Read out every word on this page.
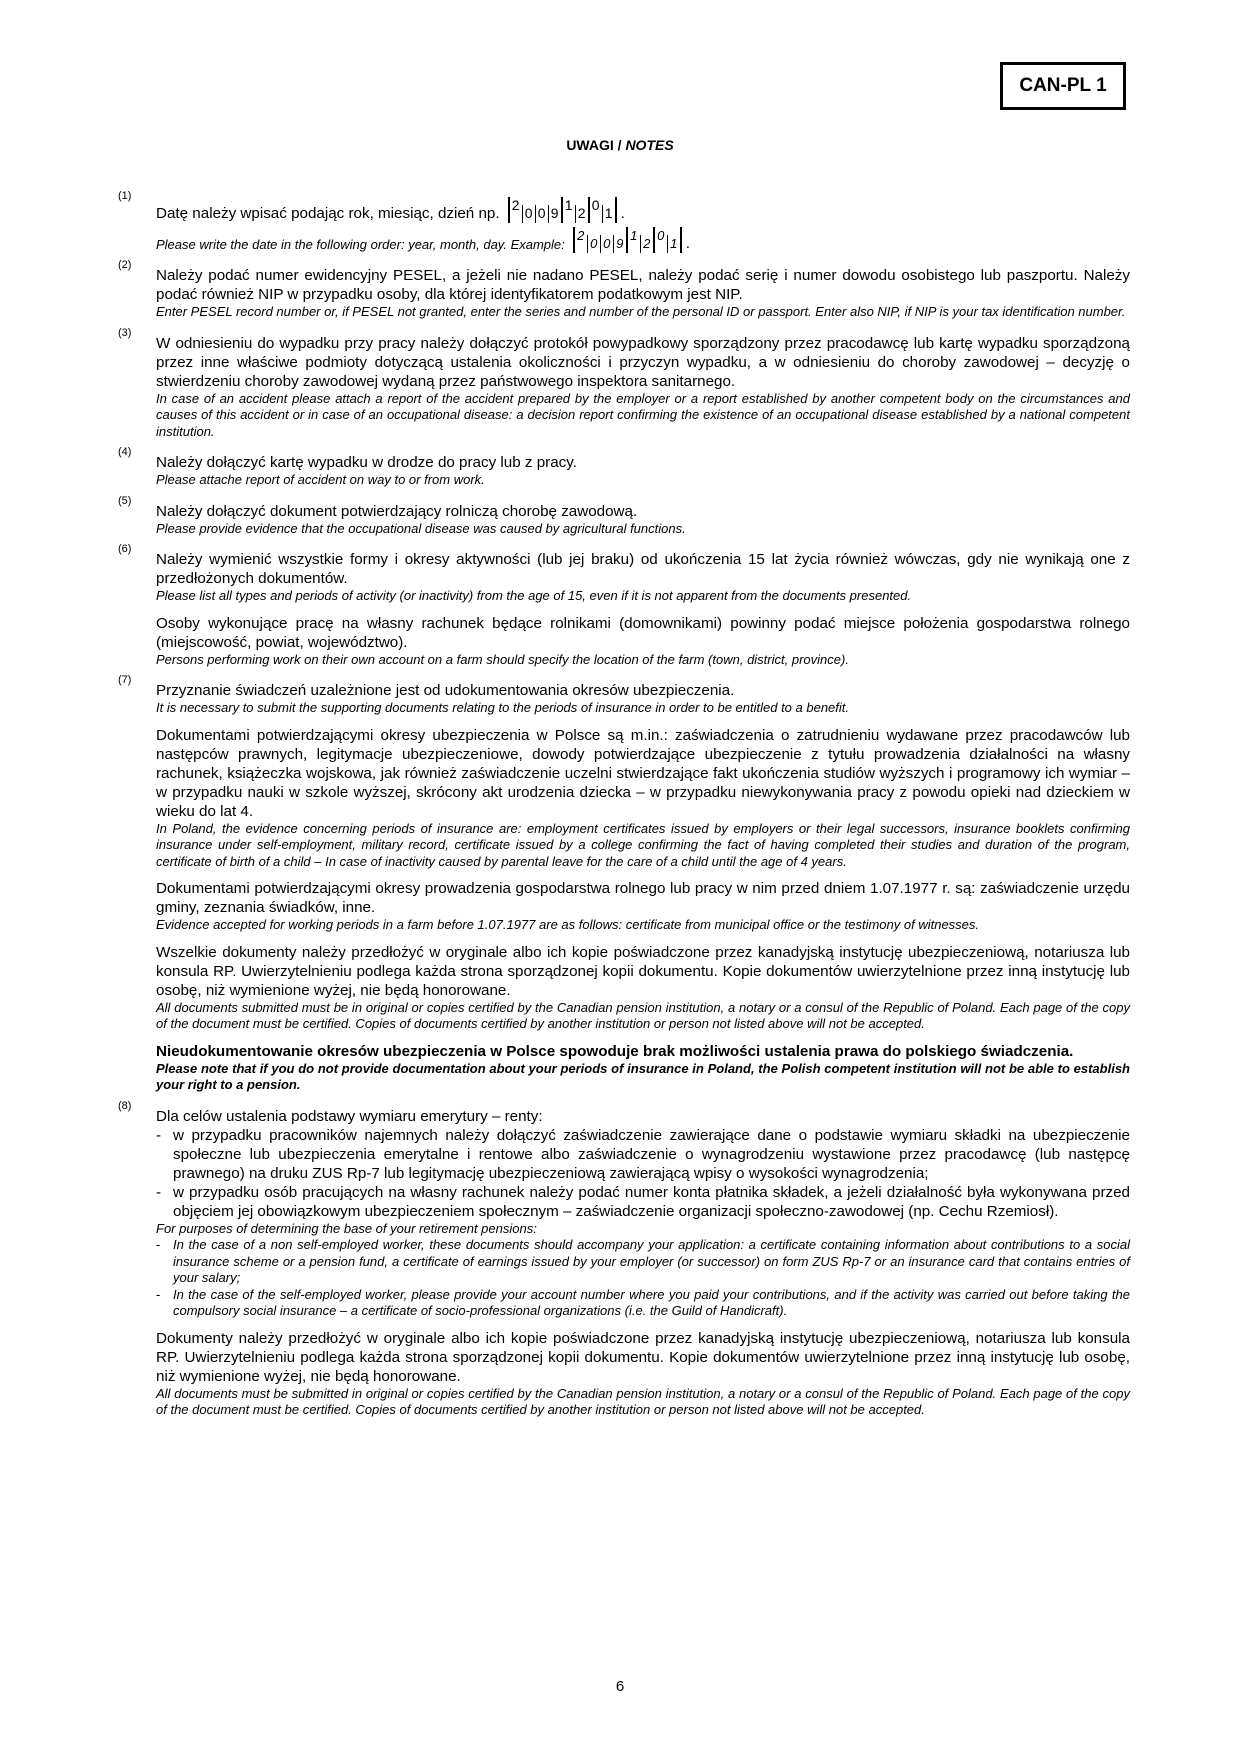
CAN-PL 1
UWAGI / NOTES
(1)
Datę należy wpisać podając rok, miesiąc, dzień np. 2 0 0 9 1 2 0 1 .
Please write the date in the following order: year, month, day. Example:
2
0 0 9
1
2
0
1 .
(2)

Należy podać numer ewidencyjny PESEL, a jeżeli nie nadano PESEL, należy podać serię i numer dowodu osobistego lub paszportu. Należy podać również NIP w przypadku osoby, dla której identyfikatorem podatkowym jest NIP.

Enter PESEL record number or, if PESEL not granted, enter the series and number of the personal ID or passport. Enter also NIP, if NIP is your tax identification number.

(3)

W odniesieniu do wypadku przy pracy należy dołączyć protokół powypadkowy sporządzony przez pracodawcę lub kartę wypadku sporządzoną przez inne właściwe podmioty dotyczącą ustalenia okoliczności i przyczyn wypadku, a w odniesieniu do choroby zawodowej – decyzję o stwierdzeniu choroby zawodowej wydaną przez państwowego inspektora sanitarnego.

In case of an accident please attach a report of the accident prepared by the employer or a report established by another competent body on the circumstances and causes of this accident or in case of an occupational disease: a decision report confirming the existence of an occupational disease established by a national competent institution.

(4)

Należy dołączyć kartę wypadku w drodze do pracy lub z pracy.

Please attache report of accident on way to or from work.

(5)

Należy dołączyć dokument potwierdzający rolniczą chorobę zawodową.

Please provide evidence that the occupational disease was caused by agricultural functions.

(6)

Należy wymienić wszystkie formy i okresy aktywności (lub jej braku) od ukończenia 15 lat życia również wówczas, gdy nie wynikają one z przedłożonych dokumentów.

Please list all types and periods of activity (or inactivity) from the age of 15, even if it is not apparent from the documents presented.

Osoby wykonujące pracę na własny rachunek będące rolnikami (domownikami) powinny podać miejsce położenia gospodarstwa rolnego (miejscowość, powiat, województwo).

Persons performing work on their own account on a farm should specify the location of the farm (town, district, province).

(7)

Przyznanie świadczeń uzależnione jest od udokumentowania okresów ubezpieczenia.

It is necessary to submit the supporting documents relating to the periods of insurance in order to be entitled to a benefit.

Dokumentami potwierdzającymi okresy ubezpieczenia w Polsce są m.in.: zaświadczenia o zatrudnieniu wydawane przez pracodawców lub następców prawnych, legitymacje ubezpieczeniowe, dowody potwierdzające ubezpieczenie z tytułu prowadzenia działalności na własny rachunek, książeczka wojskowa, jak również zaświadczenie uczelni stwierdzające fakt ukończenia studiów wyższych i programowy ich wymiar – w przypadku nauki w szkole wyższej, skrócony akt urodzenia dziecka – w przypadku niewykonywania pracy z powodu opieki nad dzieckiem w wieku do lat 4.

In Poland, the evidence concerning periods of insurance are: employment certificates issued by employers or their legal successors, insurance booklets confirming insurance under self-employment, military record, certificate issued by a college confirming the fact of having completed their studies and duration of the program, certificate of birth of a child – In case of inactivity caused by parental leave for the care of a child until the age of 4 years.

Dokumentami potwierdzającymi okresy prowadzenia gospodarstwa rolnego lub pracy w nim przed dniem 1.07.1977 r. są: zaświadczenie urzędu gminy, zeznania świadków, inne.

Evidence accepted for working periods in a farm before 1.07.1977 are as follows: certificate from municipal office or the testimony of witnesses.

Wszelkie dokumenty należy przedłożyć w oryginale albo ich kopie poświadczone przez kanadyjską instytucję ubezpieczeniową, notariusza lub konsula RP. Uwierzytelnieniu podlega każda strona sporządzonej kopii dokumentu. Kopie dokumentów uwierzytelnione przez inną instytucję lub osobę, niż wymienione wyżej, nie będą honorowane.

All documents submitted must be in original or copies certified by the Canadian pension institution, a notary or a consul of the Republic of Poland. Each page of the copy of the document must be certified. Copies of documents certified by another institution or person not listed above will not be accepted.

Nieudokumentowanie okresów ubezpieczenia w Polsce spowoduje brak możliwości ustalenia prawa do polskiego świadczenia.

Please note that if you do not provide documentation about your periods of insurance in Poland, the Polish competent institution will not be able to establish your right to a pension.

(8)

Dla celów ustalenia podstawy wymiaru emerytury – renty:

- w przypadku pracowników najemnych należy dołączyć zaświadczenie zawierające dane o podstawie wymiaru składki na ubezpieczenie społeczne lub ubezpieczenia emerytalne i rentowe albo zaświadczenie o wynagrodzeniu wystawione przez pracodawcę (lub następcę prawnego) na druku ZUS Rp-7 lub legitymację ubezpieczeniową zawierającą wpisy o wysokości wynagrodzenia;
- w przypadku osób pracujących na własny rachunek należy podać numer konta płatnika składek, a jeżeli działalność była wykonywana przed objęciem jej obowiązkowym ubezpieczeniem społecznym – zaświadczenie organizacji społeczno-zawodowej (np. Cechu Rzemiosł).

For purposes of determining the base of your retirement pensions:

- In the case of a non self-employed worker, these documents should accompany your application: a certificate containing information about contributions to a social insurance scheme or a pension fund, a certificate of earnings issued by your employer (or successor) on form ZUS Rp-7 or an insurance card that contains entries of your salary;
- In the case of the self-employed worker, please provide your account number where you paid your contributions, and if the activity was carried out before taking the compulsory social insurance – a certificate of socio-professional organizations (i.e. the Guild of Handicraft).

Dokumenty należy przedłożyć w oryginale albo ich kopie poświadczone przez kanadyjską instytucję ubezpieczeniową, notariusza lub konsula RP. Uwierzytelnieniu podlega każda strona sporządzonej kopii dokumentu. Kopie dokumentów uwierzytelnione przez inną instytucję lub osobę, niż wymienione wyżej, nie będą honorowane.

All documents must be submitted in original or copies certified by the Canadian pension institution, a notary or a consul of the Republic of Poland. Each page of the copy of the document must be certified. Copies of documents certified by another institution or person not listed above will not be accepted.

6
